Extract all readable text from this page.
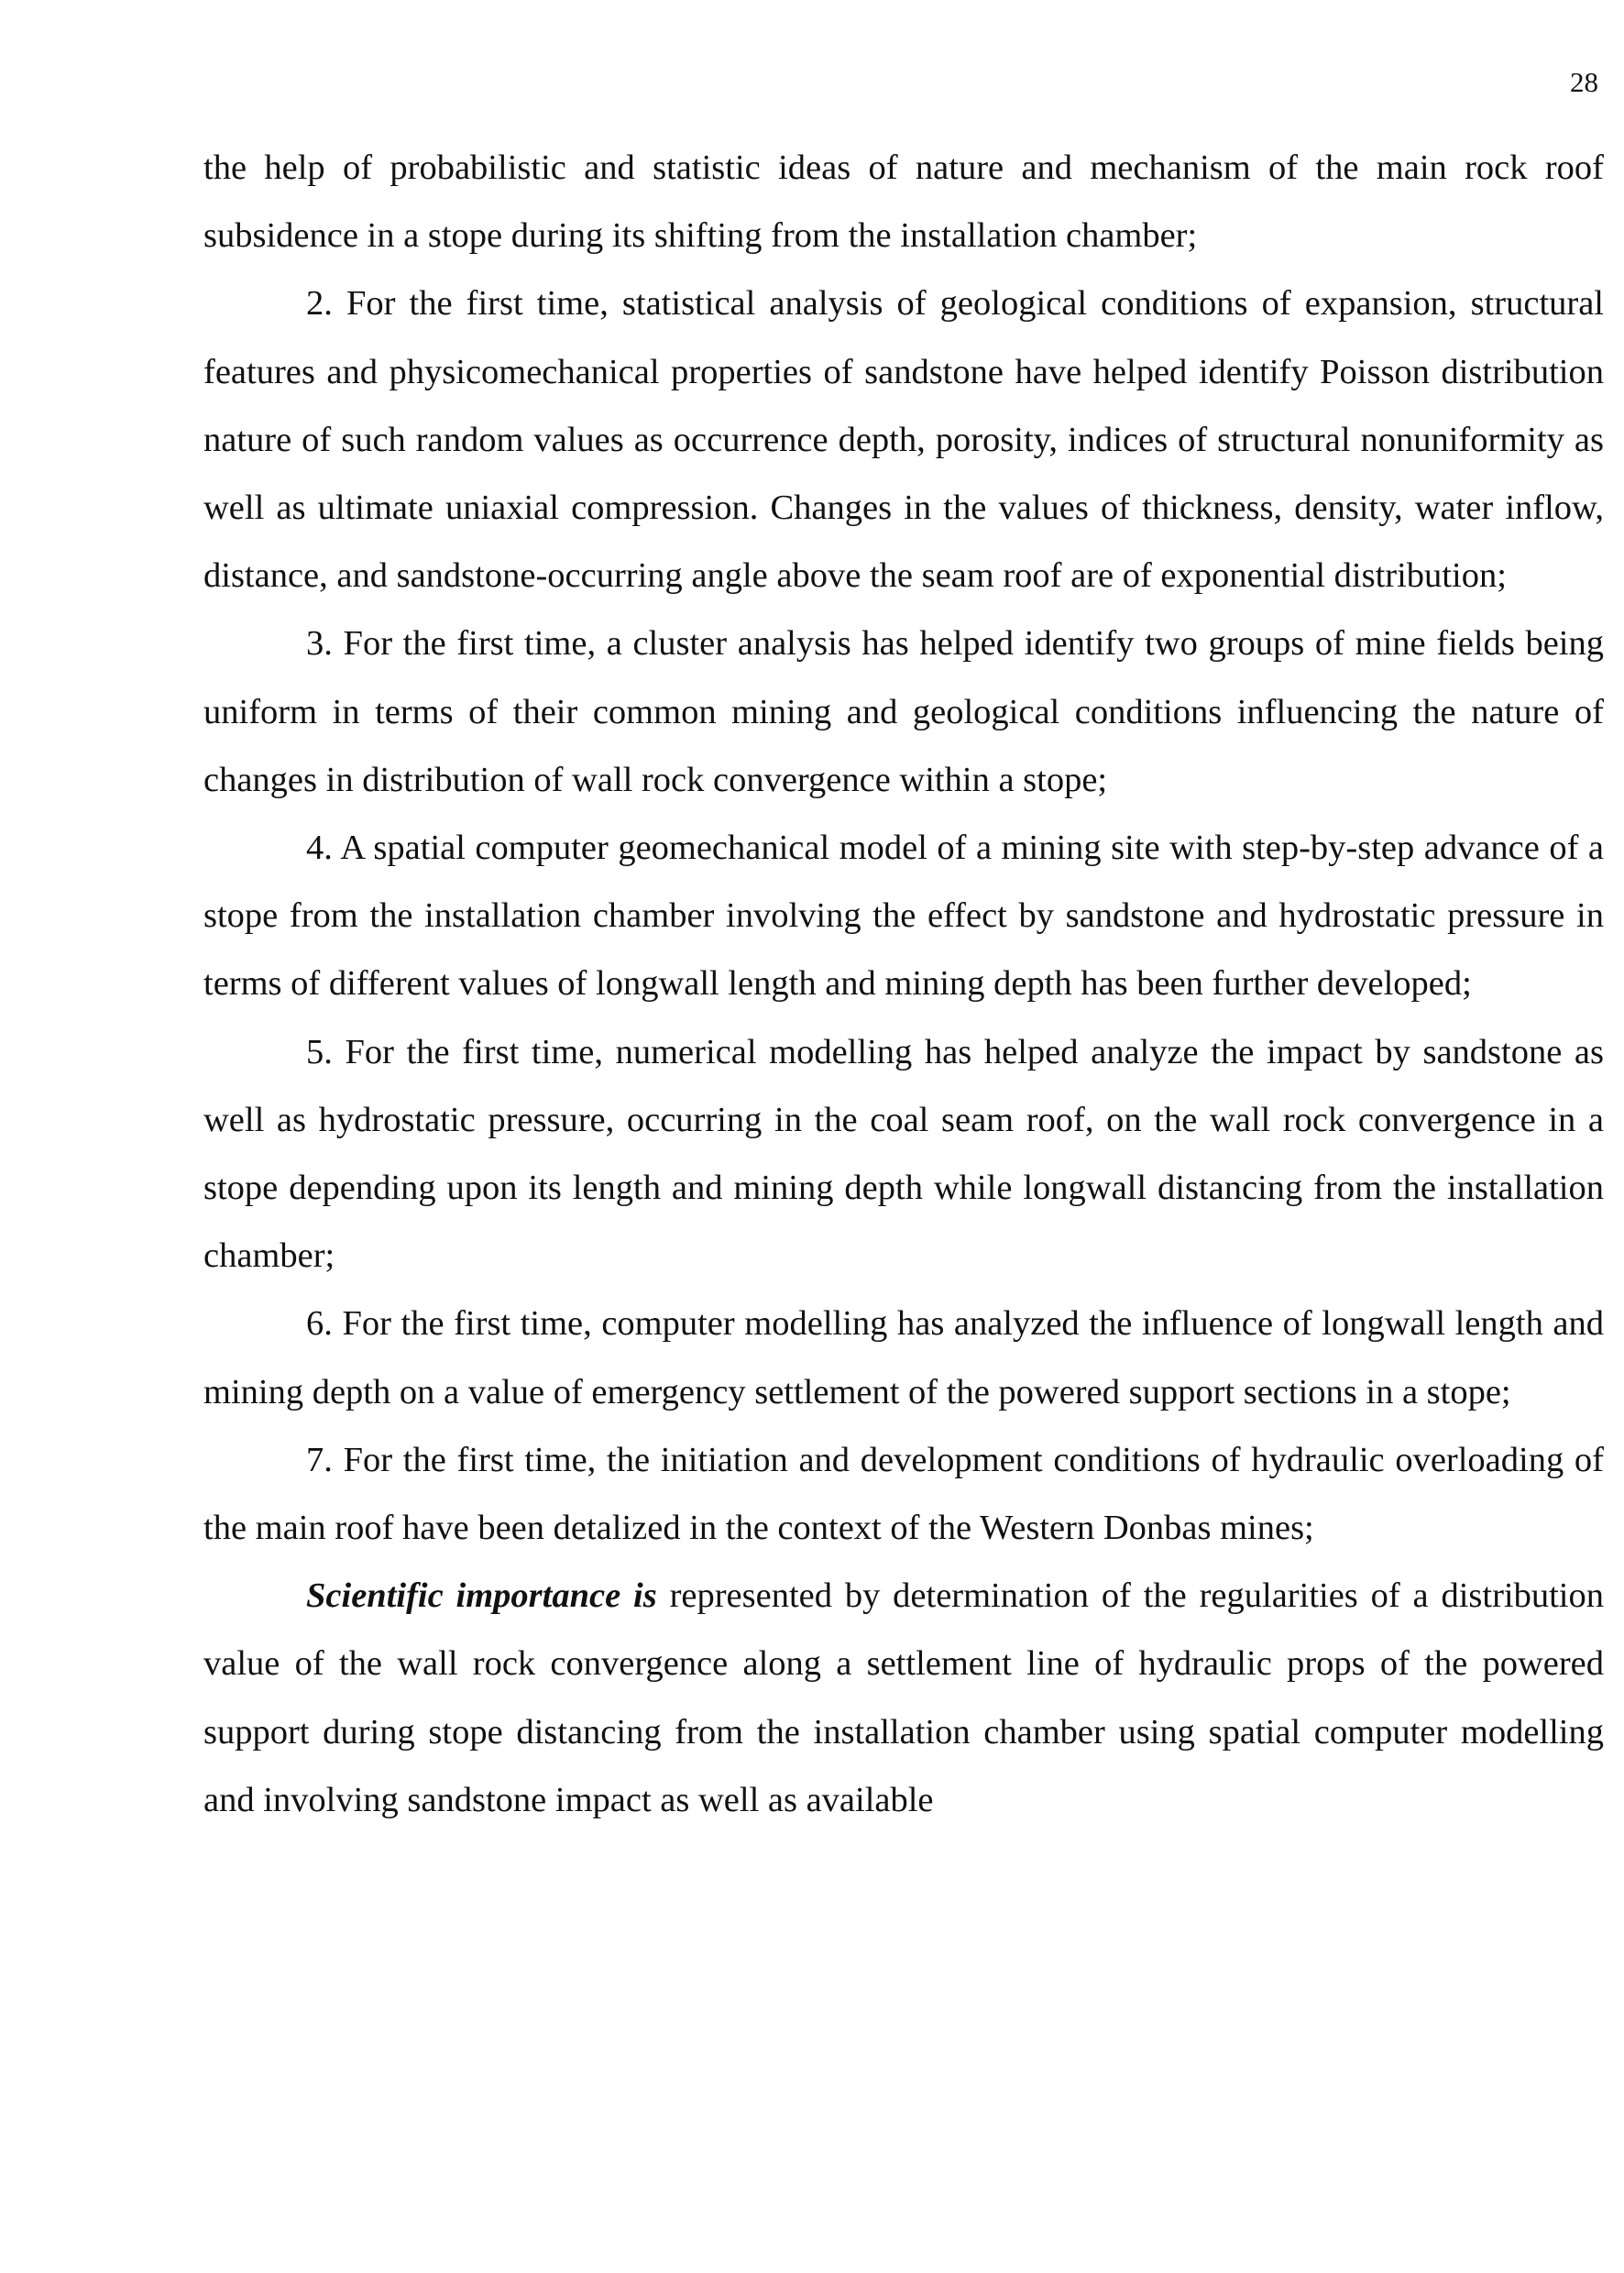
28

the help of probabilistic and statistic ideas of nature and mechanism of the main rock roof subsidence in a stope during its shifting from the installation chamber;

2. For the first time, statistical analysis of geological conditions of expansion, structural features and physicomechanical properties of sandstone have helped identify Poisson distribution nature of such random values as occurrence depth, porosity, indices of structural nonuniformity as well as ultimate uniaxial compression. Changes in the values of thickness, density, water inflow, distance, and sandstone-occurring angle above the seam roof are of exponential distribution;

3. For the first time, a cluster analysis has helped identify two groups of mine fields being uniform in terms of their common mining and geological conditions influencing the nature of changes in distribution of wall rock convergence within a stope;

4. A spatial computer geomechanical model of a mining site with step-by-step advance of a stope from the installation chamber involving the effect by sandstone and hydrostatic pressure in terms of different values of longwall length and mining depth has been further developed;

5. For the first time, numerical modelling has helped analyze the impact by sandstone as well as hydrostatic pressure, occurring in the coal seam roof, on the wall rock convergence in a stope depending upon its length and mining depth while longwall distancing from the installation chamber;

6. For the first time, computer modelling has analyzed the influence of longwall length and mining depth on a value of emergency settlement of the powered support sections in a stope;

7. For the first time, the initiation and development conditions of hydraulic overloading of the main roof have been detalized in the context of the Western Donbas mines;

Scientific importance is represented by determination of the regularities of a distribution value of the wall rock convergence along a settlement line of hydraulic props of the powered support during stope distancing from the installation chamber using spatial computer modelling and involving sandstone impact as well as available
